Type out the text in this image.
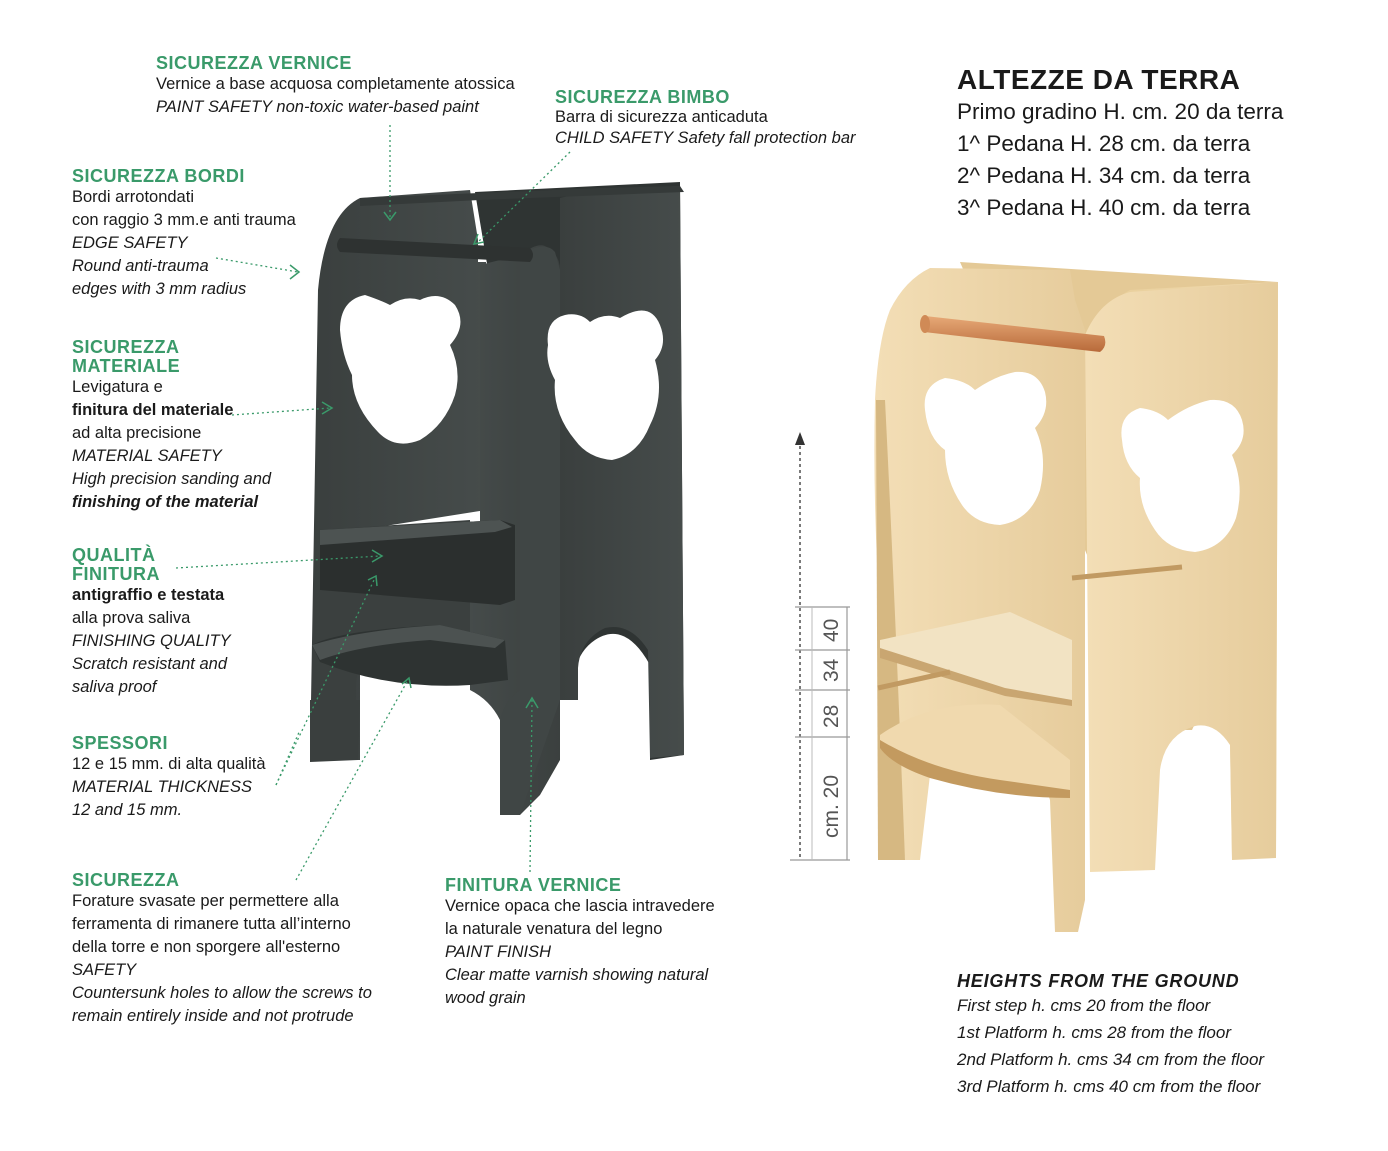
cm. 20
28
34
40
SICUREZZA VERNICE
Vernice a base acquosa completamente atossica
PAINT SAFETY non-toxic water-based paint	SICUREZZA BIMBO
Barra di sicurezza anticaduta
CHILD SAFETY Safety fall protection bar
SICUREZZA BORDI
Bordi arrotondati
con raggio 3 mm.e anti trauma
EDGE SAFETY
Round anti-trauma
edges with 3 mm radius
SICUREZZA
MATERIALE
Levigatura e
finitura del materiale
ad alta precisione
MATERIAL SAFETY
High precision sanding and
finishing of the material
QUALITÀ
FINITURA
antigraffio e testata
alla prova saliva
FINISHING QUALITY
Scratch resistant and
saliva proof
SPESSORI
12 e 15 mm. di alta qualità
MATERIAL THICKNESS
12 and 15 mm.
SICUREZZA
Forature svasate per permettere alla
ferramenta di rimanere tutta all’interno
della torre e non sporgere all'esterno
SAFETY
Countersunk holes to allow the screws to
remain entirely inside and not protrude
FINITURA VERNICE
Vernice opaca che lascia intravedere
la naturale venatura del legno
PAINT FINISH
Clear matte varnish showing natural
wood grain
ALTEZZE DA TERRA
Primo gradino H. cm. 20 da terra
1^ Pedana H. 28 cm. da terra
2^ Pedana H. 34 cm. da terra
3^ Pedana H. 40 cm. da terra
HEIGHTS FROM THE GROUND
First step h. cms 20 from the floor
1st Platform h. cms 28 from the floor
2nd Platform h. cms 34 cm from the floor
3rd Platform h. cms 40 cm from the floor
